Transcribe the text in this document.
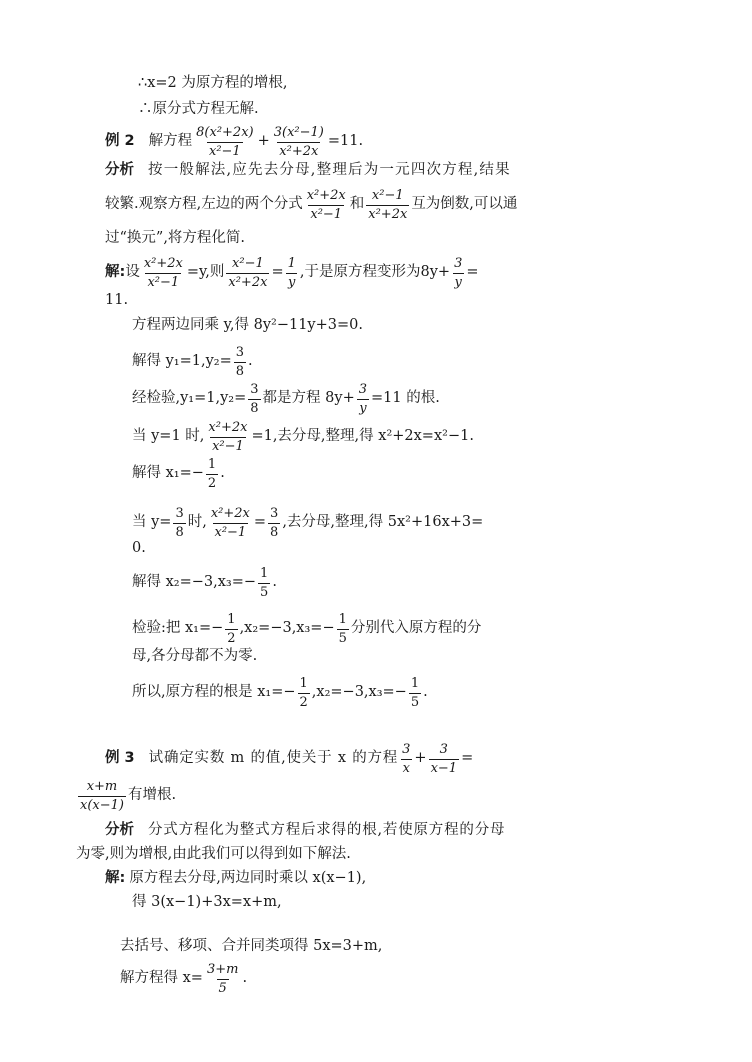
∴x=2 为原方程的增根,
∴原分式方程无解.
例 2 解方程 $\frac{\text{8(x²+2x)}}{\text{x²−1}} + \frac{\text{3(x²−1)}}{\text{x²+2x}} =11$.
分析 按一般解法,应先去分母,整理后为一元四次方程,结果
较繁.观察方程,左边的两个分式 $\frac{\text{x²+2x}}{\text{x²−1}}$ 和 $\frac{\text{x²−1}}{\text{x²+2x}}$ 互为倒数,可以通
过“换元”,将方程化简.
解: 设 $\frac{\text{x²+2x}}{\text{x²−1}} =y$,则 $\frac{\text{x²−1}}{\text{x²+2x}} = \frac{1}{y}$ ,于是原方程变形为$8y+ \frac{3}{y}$ =
11.
方程两边同乘 y,得 8y²−11y+3=0.
解得 $y_1=1,y_2= \frac{3}{8}$ .
经检验$,y_1=1,y_2= \frac{3}{8}$ 都是方程 $8y+ \frac{3}{y} =11$ 的根.
当 y=1 时, $\frac{\text{x²+2x}}{\text{x²−1}} =1$,去分母,整理,得 x²+2x=x²−1.
解得 $x_1=- \frac{1}{2}$ .
当 $y= \frac{3}{8}$ 时, $\frac{\text{x²+2x}}{\text{x²−1}} = \frac{3}{8}$ ,去分母,整理,得 5x²+16x+3=
0.
解得 $x_2=-3,x_3=- \frac{1}{5}$ .
检验:把 $x_1=- \frac{1}{2} ,x_2=-3,x_3=- \frac{1}{5}$ 分别代入原方程的分
母,各分母都不为零.
所以,原方程的根是 $x_1=- \frac{1}{2} ,x_2=-3,x_3=- \frac{1}{5}$ .
例 3 试确定实数 m 的值,使关于 x 的方程 $\frac{3}{x} + \frac{3}{x-1}$ =
$\frac{x+m}{x(x-1)}$ 有增根.
分析 分式方程化为整式方程后求得的根,若使原方程的分母
为零,则为增根,由此我们可以得到如下解法.
解: 原方程去分母,两边同时乘以 x(x−1),
得 3(x−1)+3x=x+m,
去括号、移项、合并同类项得 5x=3+m,
解方程得 $x= \frac{3+m}{5}$ .
